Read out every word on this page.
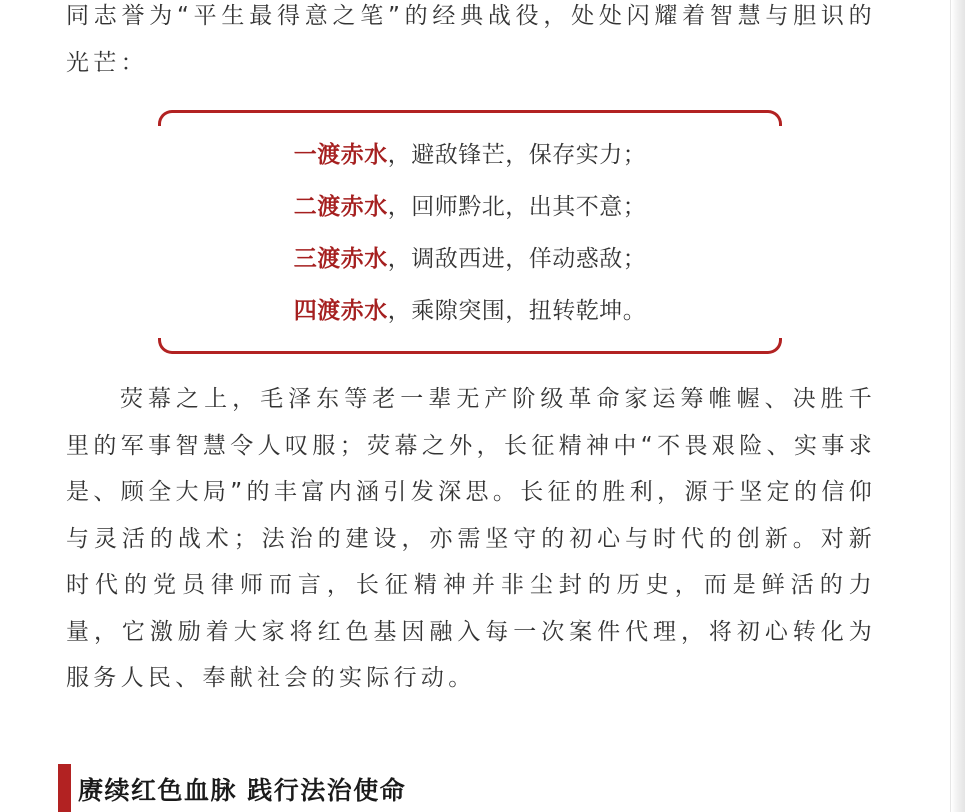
同志誉为“平生最得意之笔”的经典战役，处处闪耀着智慧与胆识的光芒：

一渡赤水，避敌锋芒，保存实力；
二渡赤水，回师黔北，出其不意；
三渡赤水，调敌西进，佯动惑敌；
四渡赤水，乘隙突围，扭转乾坤。

荧幕之上，毛泽东等老一辈无产阶级革命家运筹帷幄、决胜千里的军事智慧令人叹服；荧幕之外，长征精神中“不畏艰险、实事求是、顾全大局”的丰富内涵引发深思。长征的胜利，源于坚定的信仰与灵活的战术；法治的建设，亦需坚守的初心与时代的创新。对新时代的党员律师而言，长征精神并非尘封的历史，而是鲜活的力量，它激励着大家将红色基因融入每一次案件代理，将初心转化为服务人民、奉献社会的实际行动。

赓续红色血脉 践行法治使命
